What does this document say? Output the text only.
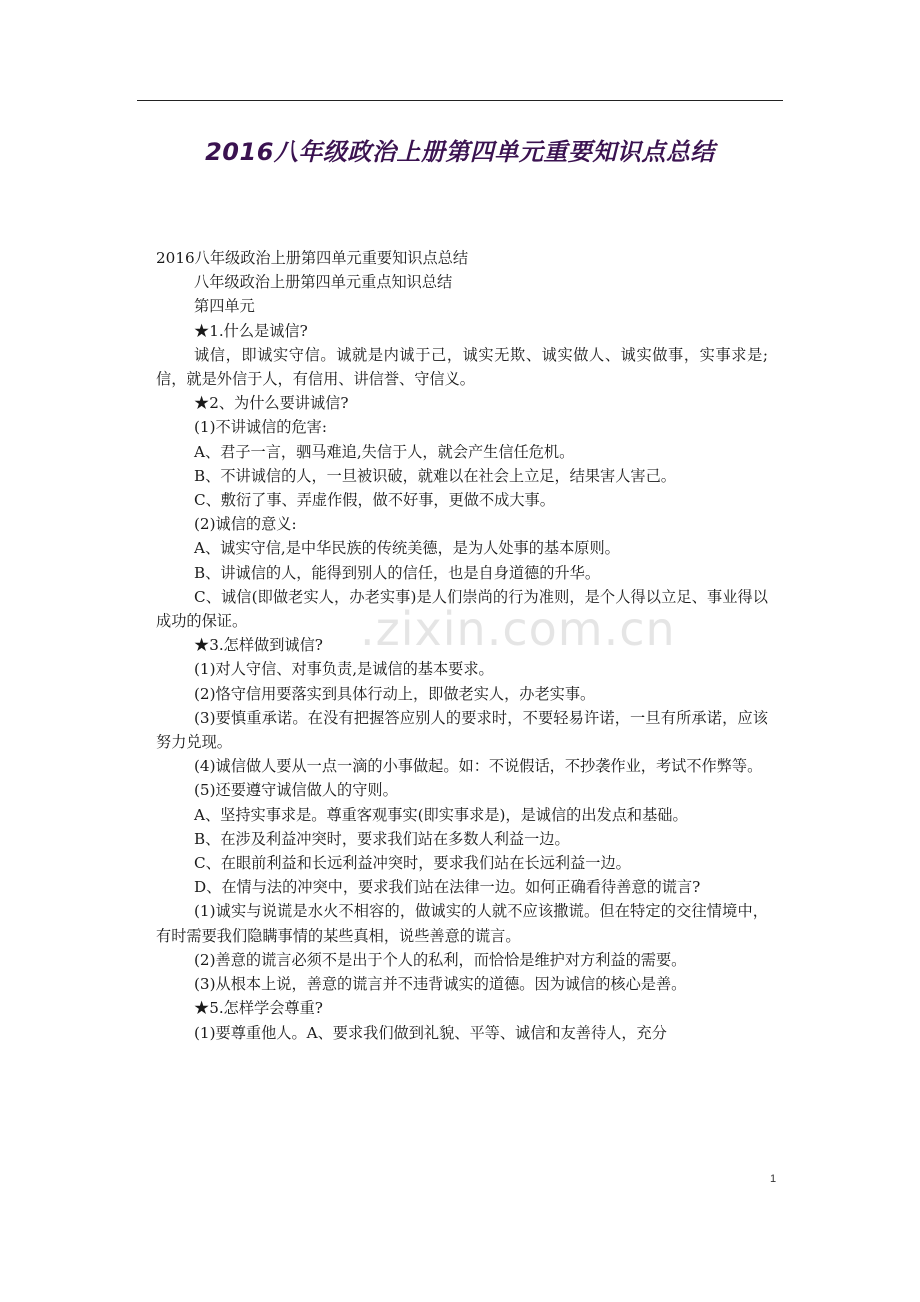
2016八年级政治上册第四单元重要知识点总结
.zixin.com.cn

2016八年级政治上册第四单元重要知识点总结

八年级政治上册第四单元重点知识总结

第四单元

★1.什么是诚信?

诚信，即诚实守信。诚就是内诚于己，诚实无欺、诚实做人、诚实做事，实事求是;信，就是外信于人，有信用、讲信誉、守信义。

★2、为什么要讲诚信?

(1)不讲诚信的危害:

A、君子一言，驷马难追,失信于人，就会产生信任危机。

B、不讲诚信的人，一旦被识破，就难以在社会上立足，结果害人害己。

C、敷衍了事、弄虚作假，做不好事，更做不成大事。

(2)诚信的意义:

A、诚实守信,是中华民族的传统美德，是为人处事的基本原则。

B、讲诚信的人，能得到别人的信任，也是自身道德的升华。

C、诚信(即做老实人，办老实事)是人们崇尚的行为准则，是个人得以立足、事业得以成功的保证。

★3.怎样做到诚信?

(1)对人守信、对事负责,是诚信的基本要求。

(2)恪守信用要落实到具体行动上，即做老实人，办老实事。

(3)要慎重承诺。在没有把握答应别人的要求时，不要轻易许诺，一旦有所承诺，应该努力兑现。

(4)诚信做人要从一点一滴的小事做起。如：不说假话，不抄袭作业，考试不作弊等。

(5)还要遵守诚信做人的守则。

A、坚持实事求是。尊重客观事实(即实事求是)，是诚信的出发点和基础。

B、在涉及利益冲突时，要求我们站在多数人利益一边。

C、在眼前利益和长远利益冲突时，要求我们站在长远利益一边。

D、在情与法的冲突中，要求我们站在法律一边。如何正确看待善意的谎言?

(1)诚实与说谎是水火不相容的，做诚实的人就不应该撒谎。但在特定的交往情境中，有时需要我们隐瞒事情的某些真相，说些善意的谎言。

(2)善意的谎言必须不是出于个人的私利，而恰恰是维护对方利益的需要。

(3)从根本上说，善意的谎言并不违背诚实的道德。因为诚信的核心是善。

★5.怎样学会尊重?

(1)要尊重他人。A、要求我们做到礼貌、平等、诚信和友善待人，充分

1
